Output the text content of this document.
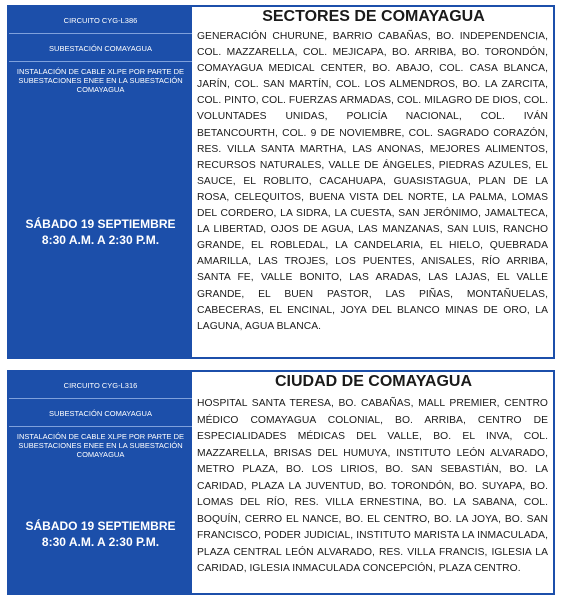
CIRCUITO CYG-L386
SUBESTACIÓN COMAYAGUA
INSTALACIÓN DE CABLE XLPE POR PARTE DE SUBESTACIONES ENEE EN LA SUBESTACIÓN COMAYAGUA
SÁBADO 19 SEPTIEMBRE
8:30 A.M. A 2:30 P.M.
SECTORES DE COMAYAGUA
GENERACIÓN CHURUNE, BARRIO CABAÑAS, BO. INDEPENDENCIA, COL. MAZZARELLA, COL. MEJICAPA, BO. ARRIBA, BO. TORONDÓN, COMAYAGUA MEDICAL CENTER, BO. ABAJO, COL. CASA BLANCA, JARÍN, COL. SAN MARTÍN, COL. LOS ALMENDROS, BO. LA ZARCITA, COL. PINTO, COL. FUERZAS ARMADAS, COL. MILAGRO DE DIOS, COL. VOLUNTADES UNIDAS, POLICÍA NACIONAL, COL. IVÁN BETANCOURTH, COL. 9 DE NOVIEMBRE, COL. SAGRADO CORAZÓN, RES. VILLA SANTA MARTHA, LAS ANONAS, MEJORES ALIMENTOS, RECURSOS NATURALES, VALLE DE ÁNGELES, PIEDRAS AZULES, EL SAUCE, EL ROBLITO, CACAHUAPA, GUASISTAGUA, PLAN DE LA ROSA, CELEQUITOS, BUENA VISTA DEL NORTE, LA PALMA, LOMAS DEL CORDERO, LA SIDRA, LA CUESTA, SAN JERÓNIMO, JAMALTECA, LA LIBERTAD, OJOS DE AGUA, LAS MANZANAS, SAN LUIS, RANCHO GRANDE, EL ROBLEDAL, LA CANDELARIA, EL HIELO, QUEBRADA AMARILLA, LAS TROJES, LOS PUENTES, ANISALES, RÍO ARRIBA, SANTA FE, VALLE BONITO, LAS ARADAS, LAS LAJAS, EL VALLE GRANDE, EL BUEN PASTOR, LAS PIÑAS, MONTAÑUELAS, CABECERAS, EL ENCINAL, JOYA DEL BLANCO MINAS DE ORO, LA LAGUNA, AGUA BLANCA.
CIRCUITO CYG-L316
SUBESTACIÓN COMAYAGUA
INSTALACIÓN DE CABLE XLPE POR PARTE DE SUBESTACIONES ENEE EN LA SUBESTACIÓN COMAYAGUA
SÁBADO 19 SEPTIEMBRE
8:30 A.M. A 2:30 P.M.
CIUDAD DE COMAYAGUA
HOSPITAL SANTA TERESA, BO. CABAÑAS, MALL PREMIER, CENTRO MÉDICO COMAYAGUA COLONIAL, BO. ARRIBA, CENTRO DE ESPECIALIDADES MÉDICAS DEL VALLE, BO. EL INVA, COL. MAZZARELLA, BRISAS DEL HUMUYA, INSTITUTO LEÓN ALVARADO, METRO PLAZA, BO. LOS LIRIOS, BO. SAN SEBASTIÁN, BO. LA CARIDAD, PLAZA LA JUVENTUD, BO. TORONDÓN, BO. SUYAPA, BO. LOMAS DEL RÍO, RES. VILLA ERNESTINA, BO. LA SABANA, COL. BOQUÍN, CERRO EL NANCE, BO. EL CENTRO, BO. LA JOYA, BO. SAN FRANCISCO, PODER JUDICIAL, INSTITUTO MARISTA LA INMACULADA, PLAZA CENTRAL LEÓN ALVARADO, RES. VILLA FRANCIS, IGLESIA LA CARIDAD, IGLESIA INMACULADA CONCEPCIÓN, PLAZA CENTRO.
